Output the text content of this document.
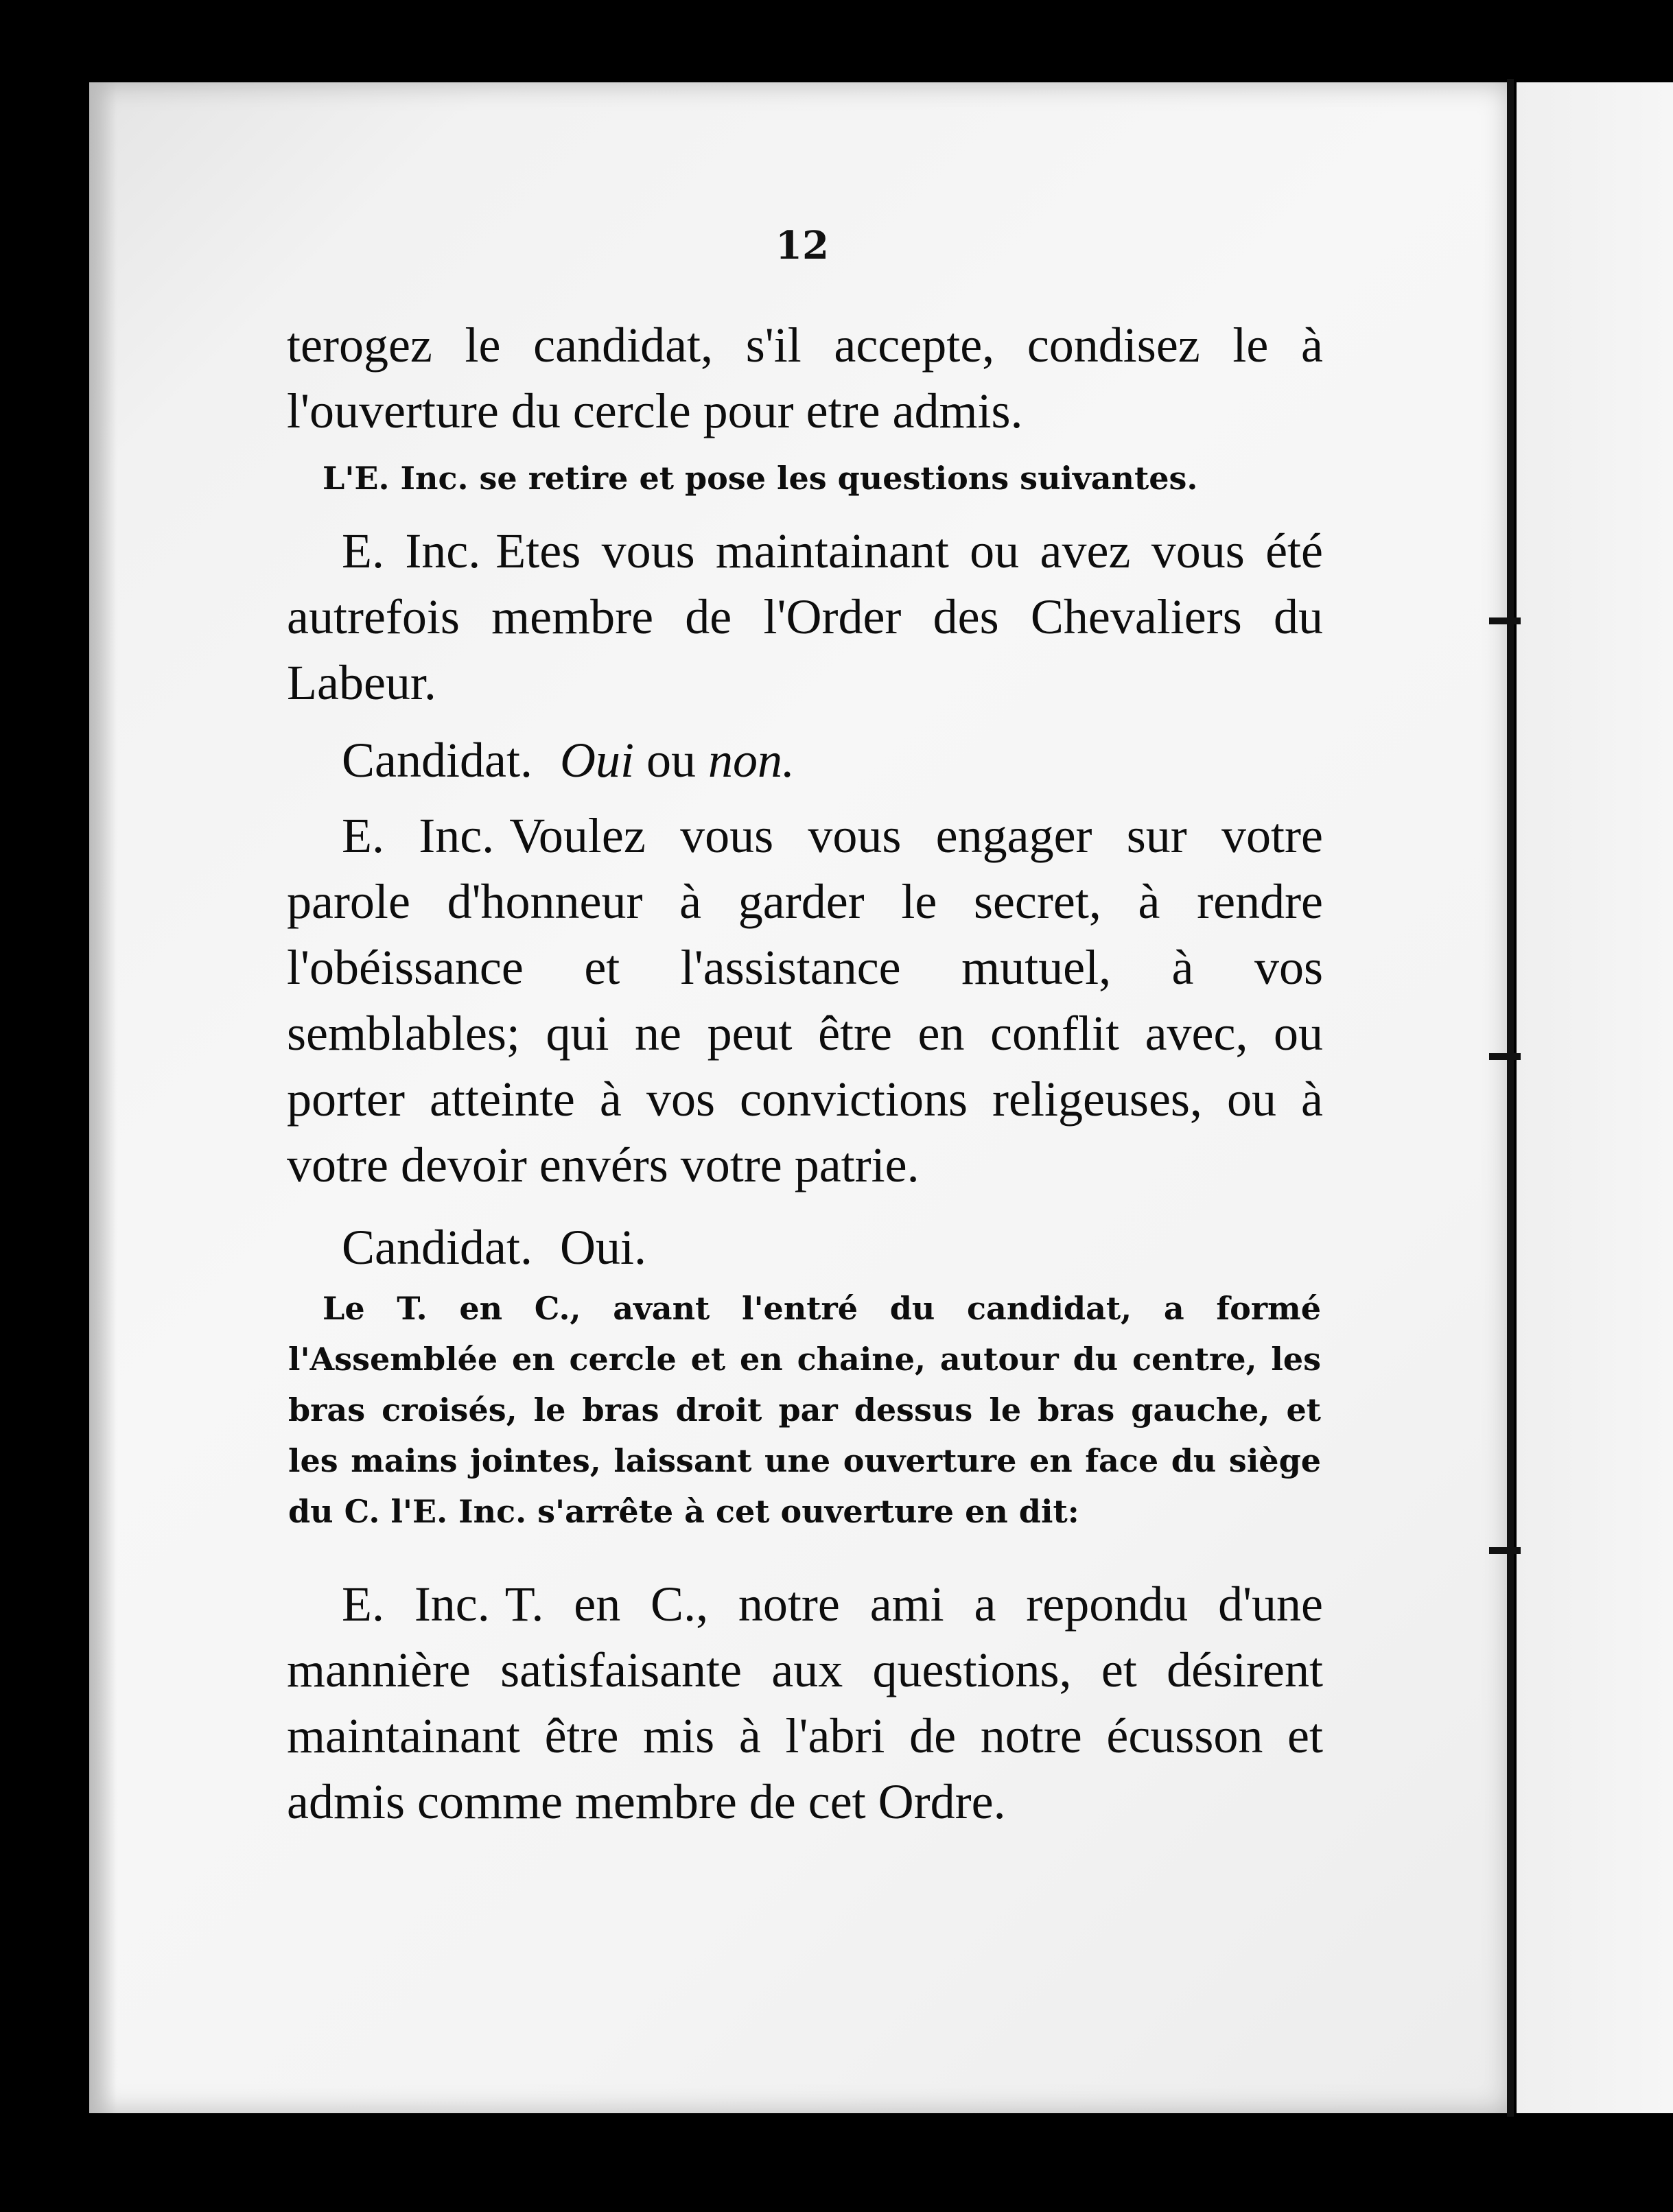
12

terogez le candidat, s'il accepte, condisez le à l'ouverture du cercle pour etre admis.

L'E. Inc. se retire et pose les questions suivantes.

E. Inc. Etes vous maintainant ou avez vous été autrefois membre de l'Order des Chevaliers du Labeur.

Candidat. Oui ou non.

E. Inc. Voulez vous vous engager sur votre parole d'honneur à garder le secret, à rendre l'obéissance et l'assistance mutuel, à vos semblables; qui ne peut être en conflit avec, ou porter atteinte à vos convictions religeuses, ou à votre devoir envérs votre patrie.

Candidat. Oui.

Le T. en C., avant l'entré du candidat, a formé l'Assemblée en cercle et en chaine, autour du centre, les bras croisés, le bras droit par dessus le bras gauche, et les mains jointes, laissant une ouverture en face du siège du C. l'E. Inc. s'arrête à cet ouverture en dit:

E. Inc. T. en C., notre ami a repondu d'une mannière satisfaisante aux questions, et désirent maintainant être mis à l'abri de notre écusson et admis comme membre de cet Ordre.
